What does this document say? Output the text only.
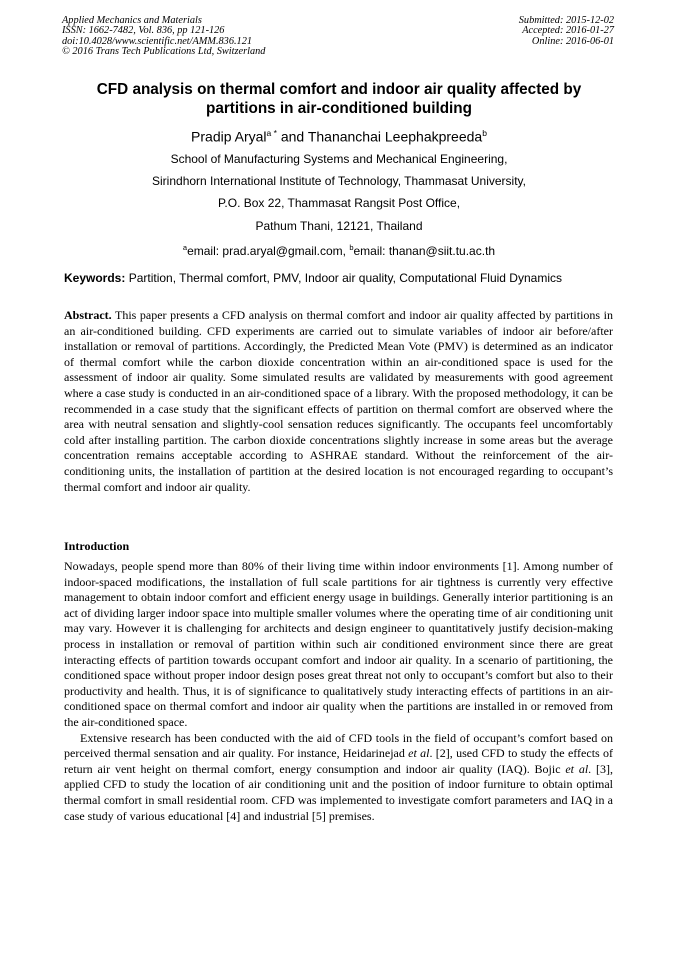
Applied Mechanics and Materials
ISSN: 1662-7482, Vol. 836, pp 121-126
doi:10.4028/www.scientific.net/AMM.836.121
© 2016 Trans Tech Publications Ltd, Switzerland
Submitted: 2015-12-02
Accepted: 2016-01-27
Online: 2016-06-01
CFD analysis on thermal comfort and indoor air quality affected by
partitions in air-conditioned building
Pradip Aryal$^{a *}$ and Thananchai Leephakpreeda$^b$
School of Manufacturing Systems and Mechanical Engineering,
Sirindhorn International Institute of Technology, Thammasat University,
P.O. Box 22, Thammasat Rangsit Post Office,
Pathum Thani, 12121, Thailand
$^a$email: prad.aryal@gmail.com, $^b$email: thanan@siit.tu.ac.th
Keywords: Partition, Thermal comfort, PMV, Indoor air quality, Computational Fluid Dynamics
Abstract. This paper presents a CFD analysis on thermal comfort and indoor air quality affected by partitions in an air-conditioned building. CFD experiments are carried out to simulate variables of indoor air before/after installation or removal of partitions. Accordingly, the Predicted Mean Vote (PMV) is determined as an indicator of thermal comfort while the carbon dioxide concentration within an air-conditioned space is used for the assessment of indoor air quality. Some simulated results are validated by measurements with good agreement where a case study is conducted in an air-conditioned space of a library. With the proposed methodology, it can be recommended in a case study that the significant effects of partition on thermal comfort are observed where the area with neutral sensation and slightly-cool sensation reduces significantly. The occupants feel uncomfortably cold after installing partition. The carbon dioxide concentrations slightly increase in some areas but the average concentration remains acceptable according to ASHRAE standard. Without the reinforcement of the air-conditioning units, the installation of partition at the desired location is not encouraged regarding to occupant’s thermal comfort and indoor air quality.
Introduction

Nowadays, people spend more than 80% of their living time within indoor environments [1]. Among number of indoor-spaced modifications, the installation of full scale partitions for air tightness is currently very effective management to obtain indoor comfort and efficient energy usage in buildings. Generally interior partitioning is an act of dividing larger indoor space into multiple smaller volumes where the operating time of air conditioning unit may vary. However it is challenging for architects and design engineer to quantitatively justify decision-making process in installation or removal of partition within such air conditioned environment since there are great interacting effects of partition towards occupant comfort and indoor air quality. In a scenario of partitioning, the conditioned space without proper indoor design poses great threat not only to occupant’s comfort but also to their productivity and health. Thus, it is of significance to qualitatively study interacting effects of partitions in an air-conditioned space on thermal comfort and indoor air quality when the partitions are installed in or removed from the air-conditioned space.

Extensive research has been conducted with the aid of CFD tools in the field of occupant’s comfort based on perceived thermal sensation and air quality. For instance, Heidarinejad et al. [2], used CFD to study the effects of return air vent height on thermal comfort, energy consumption and indoor air quality (IAQ). Bojic et al. [3], applied CFD to study the location of air conditioning unit and the position of indoor furniture to obtain optimal thermal comfort in small residential room. CFD was implemented to investigate comfort parameters and IAQ in a case study of various educational [4] and industrial [5] premises.
